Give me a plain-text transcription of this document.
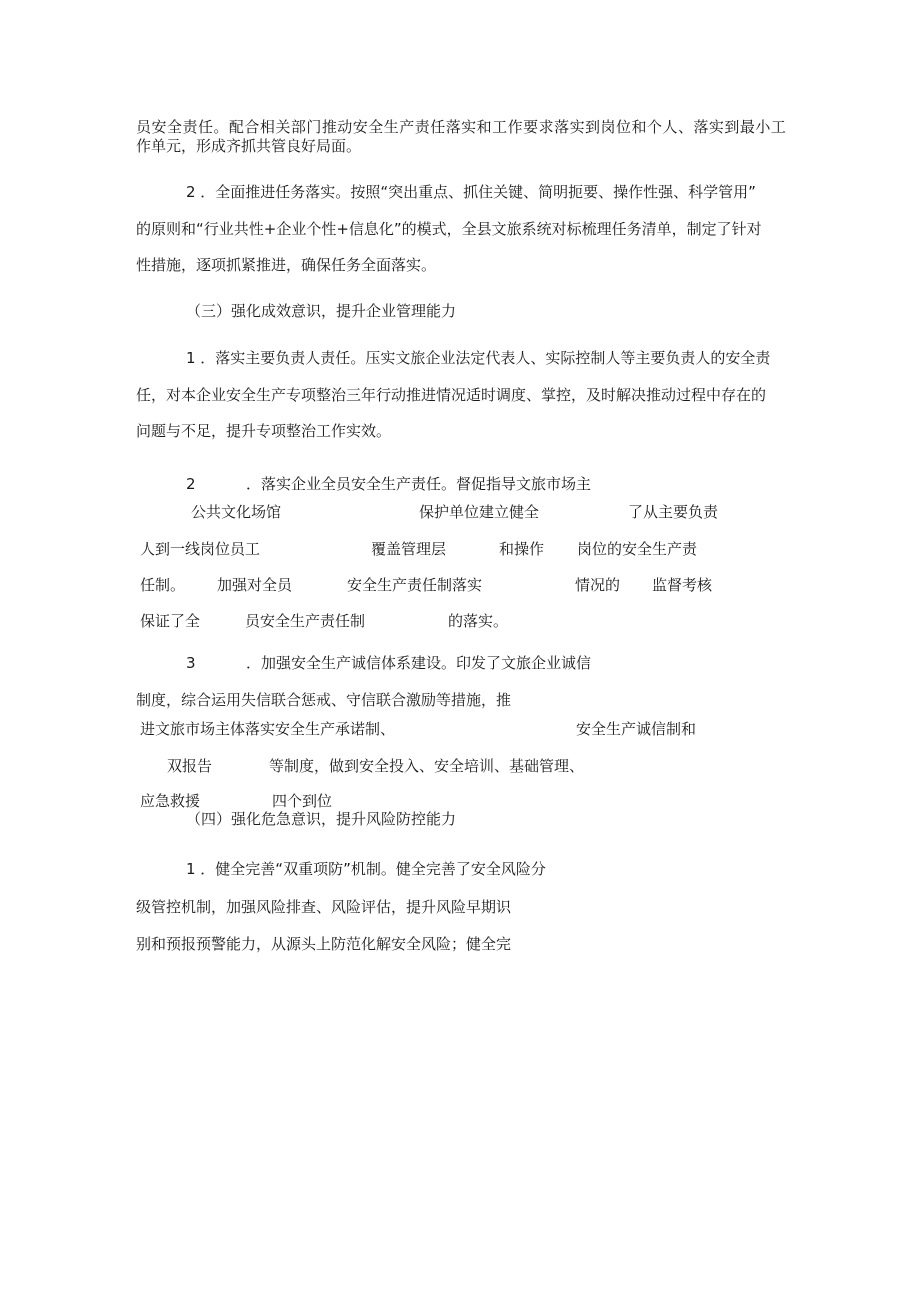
员 安 全 责 任 。 配 合 相 关 部 门 推 动 安 全 生 产 责 任 落 实 和 工 作 要 求 落 实 到 岗 位 和 个 人 、 落 实 到 最 小 工
作单元，形成齐抓共管良好局面。
2 ．全面推进任务落实。按照“突出重点、抓住关键、简明扼要、操作性强、科学管用”
的原则和“行业共性+企业个性+信息化”的模式，全县文旅系统对标梳理任务清单，制定了针对
性措施，逐项抓紧推进，确保任务全面落实。
（三）强化成效意识，提升企业管理能力
1 ．落实主要负责人责任。压实文旅企业法定代表人、实际控制人等主要负责人的安全责
任，对本企业安全生产专项整治三年行动推进情况适时调度、掌控，及时解决推动过程中存在的
问题与不足，提升专项整治工作实效。
2	．落实企业全员安全生产责任。督促指导文旅市场主
公共文化场馆	保护单位建立健全	了从主要负责
人到一线岗位员工	覆盖管理层	和操作 岗位的安全生产责
任制。 加强对全员	安全生产责任制落实	情况的 监督考核
保证了全	员安全生产责任制	的落实。
3	．加强安全生产诚信体系建设。印发了文旅企业诚信
制度，综合运用失信联合惩戒、守信联合激励等措施，推
进文旅市场主体落实安全生产承诺制、	安全生产诚信制和
双报告	等制度，做到安全投入、安全培训、基础管理、
应急救援	四个到位
（四）强化危急意识，提升风险防控能力
1 ．健全完善“双重项防”机制。健全完善了安全风险分
级管控机制，加强风险排查、风险评估，提升风险早期识
别和预报预警能力，从源头上防范化解安全风险；健全完
